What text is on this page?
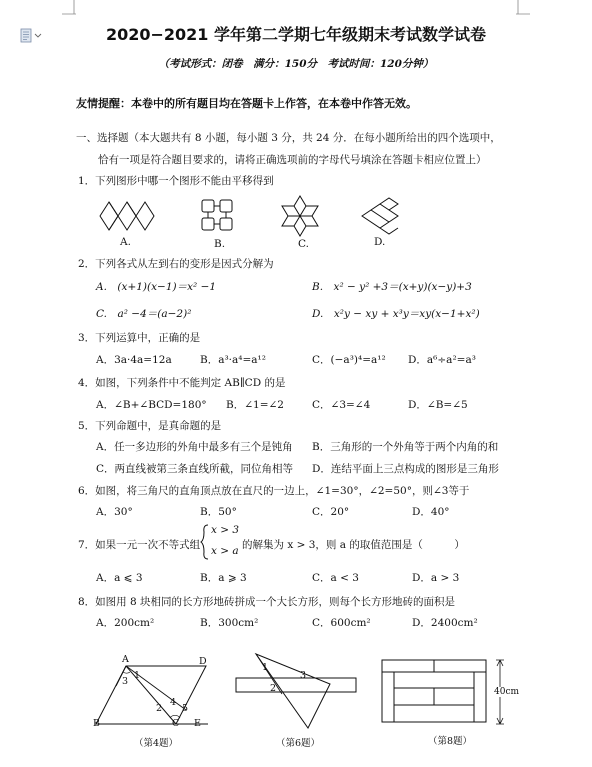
2020−2021 学年第二学期七年级期末考试数学试卷
（考试形式：闭卷　满分：150分　考试时间：120分钟）
友情提醒：本卷中的所有题目均在答题卡上作答，在本卷中作答无效。
一、选择题（本大题共有 8 小题，每小题 3 分，共 24 分．在每小题所给出的四个选项中，
恰有一项是符合题目要求的，请将正确选项前的字母代号填涂在答题卡相应位置上）
1．下列图形中哪一个图形不能由平移得到
A.	B.	C.	D.
2．下列各式从左到右的变形是因式分解为
A.　(x+1)(x−1)＝x² −1	B.　x² − y² +3＝(x+y)(x−y)+3
C.　a² −4＝(a−2)²	D.　x²y − xy + x³y＝xy(x−1+x²)
3．下列运算中，正确的是
A．3a·4a=12a	B．a³·a⁴=a¹²	C．(−a³)⁴=a¹² D．a⁶÷a²=a³
4．如图，下列条件中不能判定 AB∥CD 的是
A．∠B+∠BCD=180° B．∠1=∠2	C．∠3=∠4	D．∠B=∠5
5．下列命题中，是真命题的是
A．任一多边形的外角中最多有三个是钝角 B．三角形的一个外角等于两个内角的和
C．两直线被第三条直线所截，同位角相等 D．连结平面上三点构成的图形是三角形
6．如图，将三角尺的直角顶点放在直尺的一边上，∠1=30°，∠2=50°，则∠3等于
A．30°	B．50°	C．20°	D．40°
7．如果一元一次不等式组
x > 3
x > a 的解集为 x > 3，则 a 的取值范围是（　　　）
A．a ⩽ 3	B．a ⩾ 3	C．a < 3	D．a > 3
8．如图用 8 块相同的长方形地砖拼成一个大长方形，则每个长方形地砖的面积是
A．200cm²	B．300cm²	C．600cm²	D．2400cm²
A	D
B	C E
1
2
3
4
5
（第4题）
1
2
3
（第6题）
40cm
（第8题）
